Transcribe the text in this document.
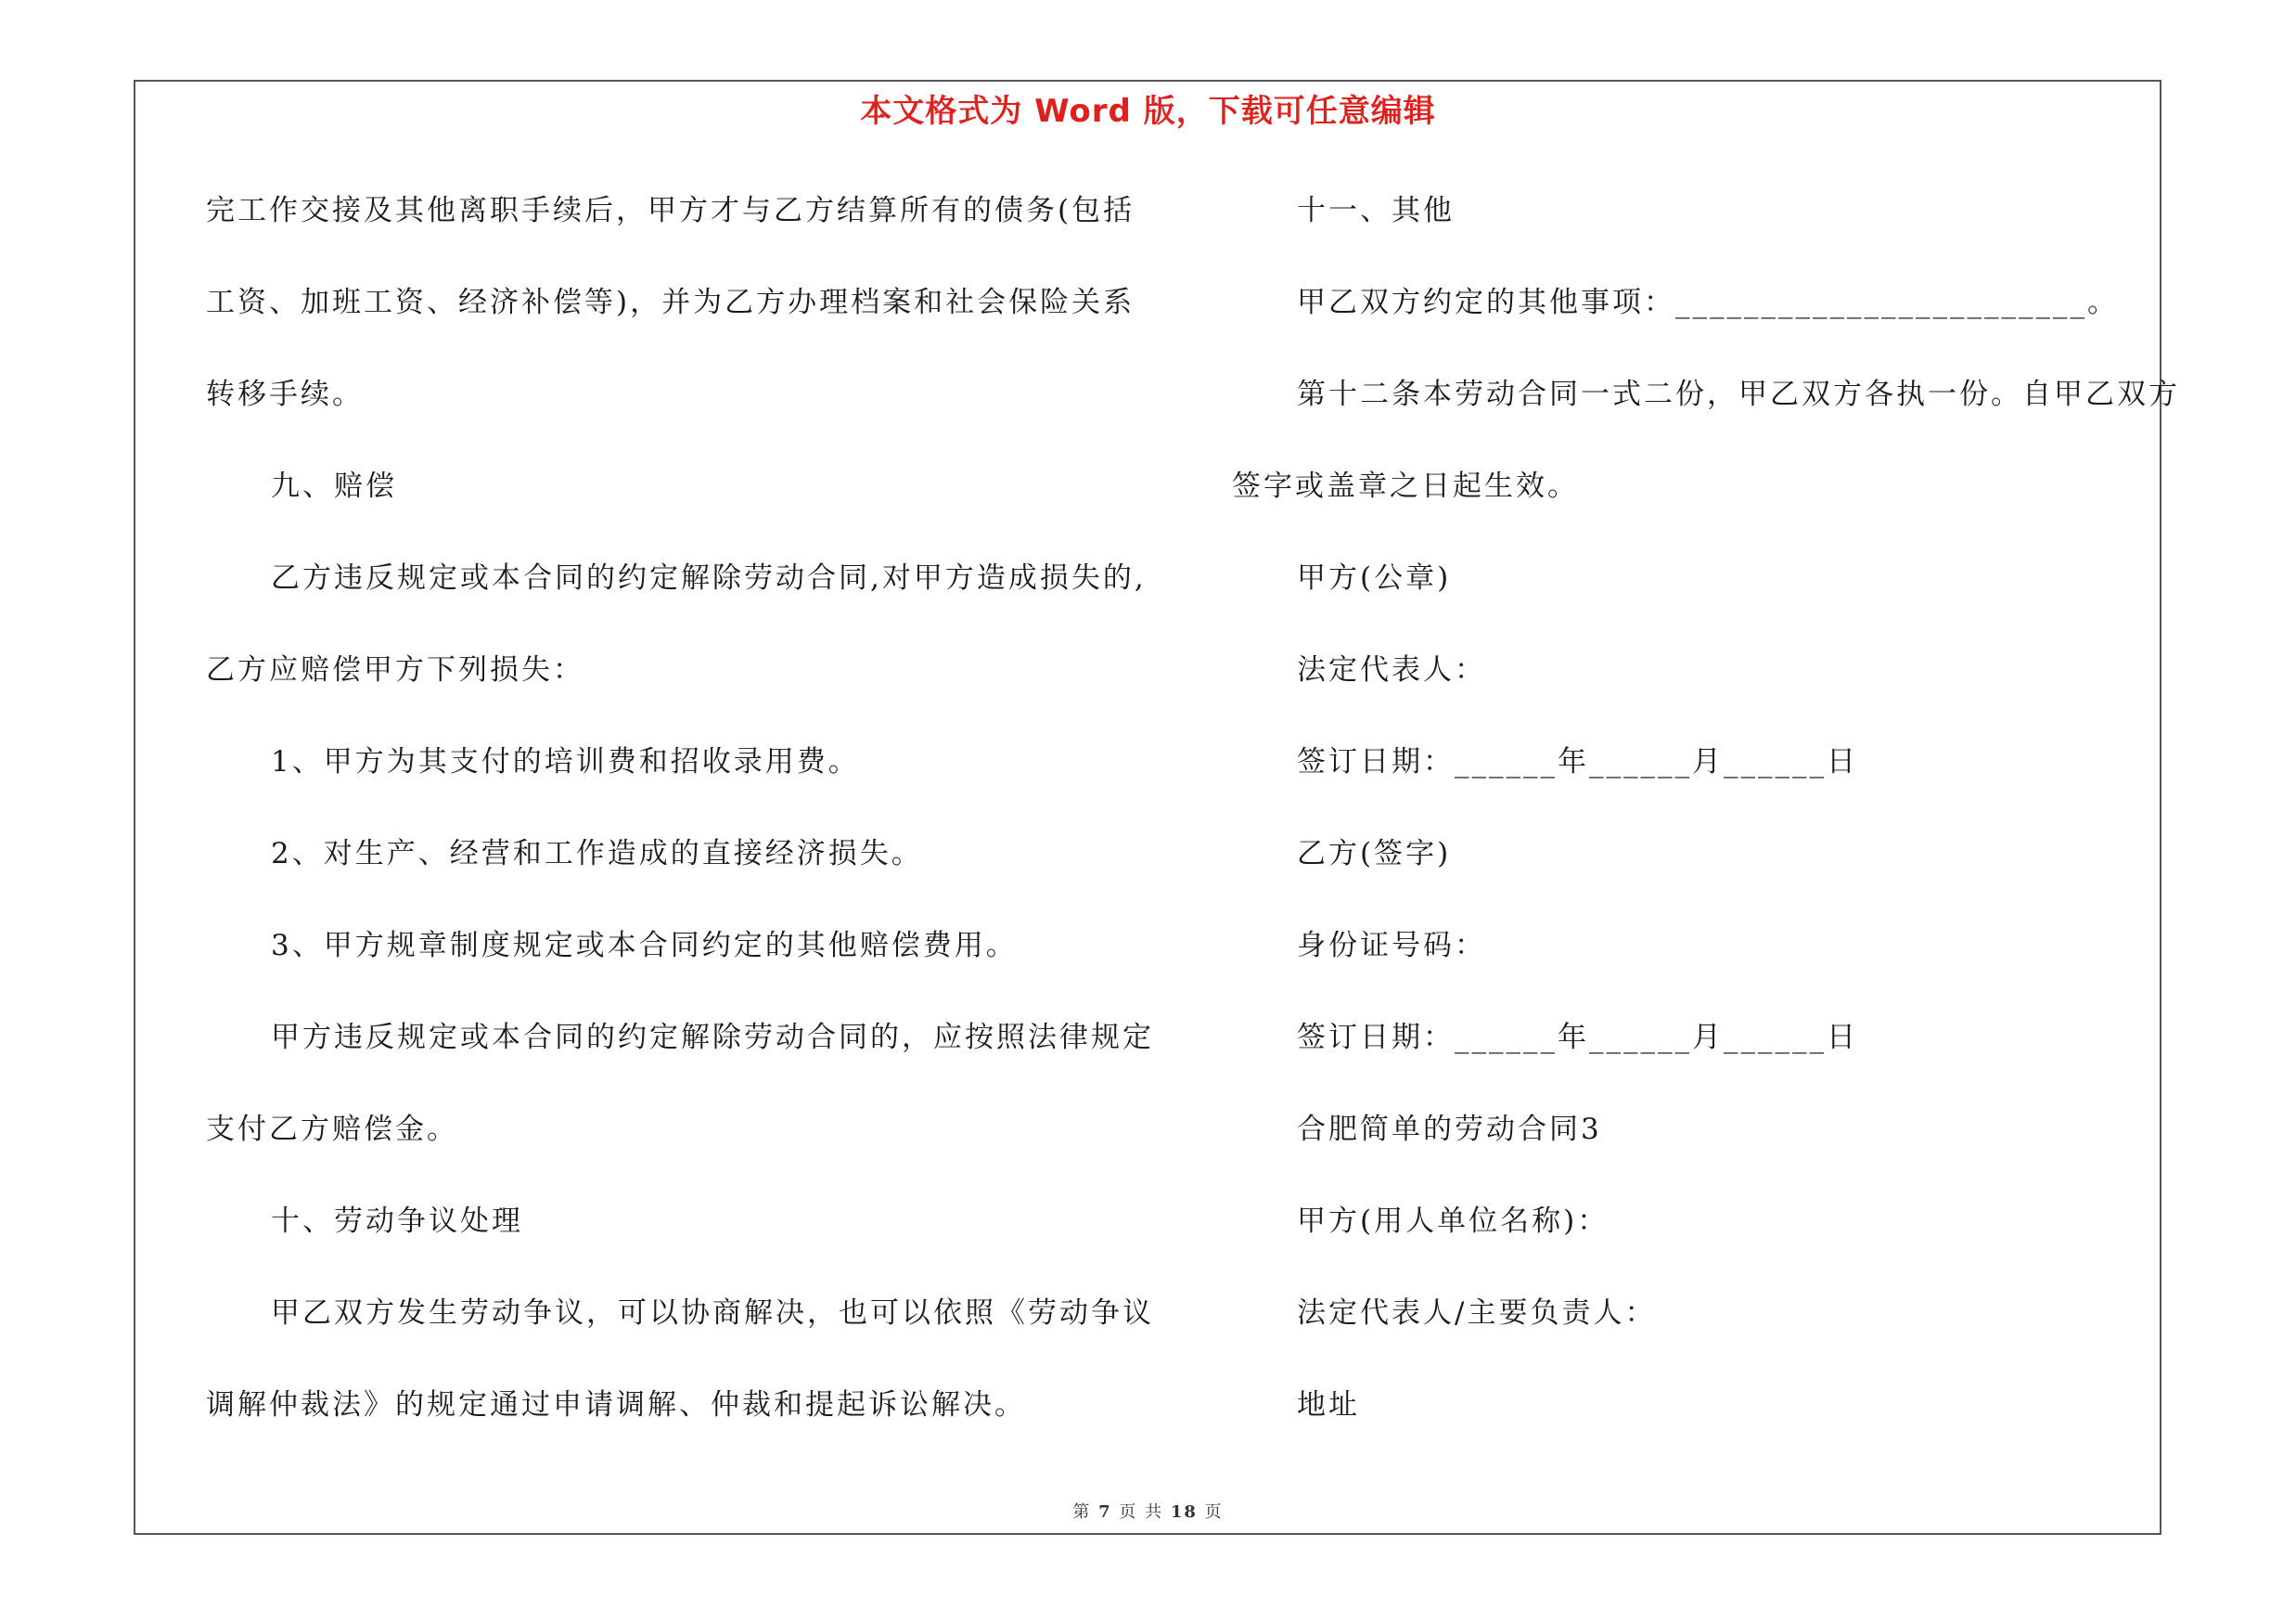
本文格式为 Word 版，下载可任意编辑
完工作交接及其他离职手续后，甲方才与乙方结算所有的债务(包括
工资、加班工资、经济补偿等)，并为乙方办理档案和社会保险关系
转移手续。
九、赔偿
乙方违反规定或本合同的约定解除劳动合同,对甲方造成损失的,
乙方应赔偿甲方下列损失：
1、甲方为其支付的培训费和招收录用费。
2、对生产、经营和工作造成的直接经济损失。
3、甲方规章制度规定或本合同约定的其他赔偿费用。
甲方违反规定或本合同的约定解除劳动合同的，应按照法律规定
支付乙方赔偿金。
十、劳动争议处理
甲乙双方发生劳动争议，可以协商解决，也可以依照《劳动争议
调解仲裁法》的规定通过申请调解、仲裁和提起诉讼解决。
十一、其他
甲乙双方约定的其他事项：________________________。
第十二条本劳动合同一式二份，甲乙双方各执一份。自甲乙双方
签字或盖章之日起生效。
甲方(公章)
法定代表人：
签订日期：______年______月______日
乙方(签字)
身份证号码：
签订日期：______年______月______日
合肥简单的劳动合同3
甲方(用人单位名称)：
法定代表人/主要负责人：
地址
第 7 页 共 18 页
